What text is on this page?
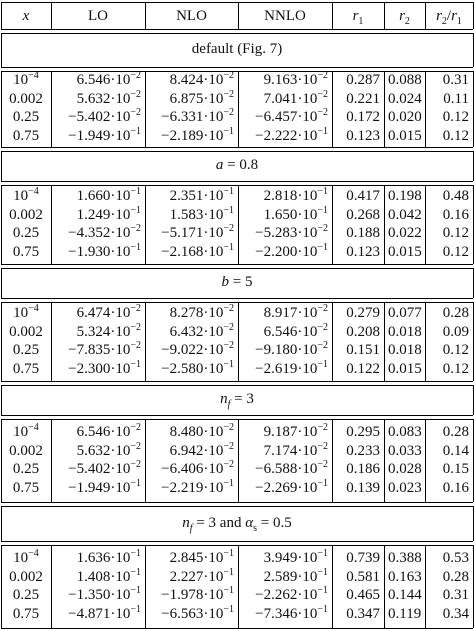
x	LO	NLO	NNLO	$r_1$	$r_2$	$r_2/r_1$
default (Fig. 7)
$10^{-4}$	$6.546\cdot 10^{-2}$	$8.424\cdot 10^{-2}$	$9.163\cdot 10^{-2}$	0.287 0.088	0.31
0.002	$5.632\cdot 10^{-2}$	$6.875\cdot 10^{-2}$	$7.041\cdot 10^{-2}$	0.221 0.024	0.11
0.25	$-5.402\cdot 10^{-2}$	$-6.331\cdot 10^{-2}$	$-6.457\cdot 10^{-2}$	0.172 0.020	0.12
0.75	$-1.949\cdot 10^{-1}$	$-2.189\cdot 10^{-1}$	$-2.222\cdot 10^{-1}$	0.123 0.015	0.12
a = 0.8
$10^{-4}$	$1.660\cdot 10^{-1}$	$2.351\cdot 10^{-1}$	$2.818\cdot 10^{-1}$	0.417 0.198	0.48
0.002	$1.249\cdot 10^{-1}$	$1.583\cdot 10^{-1}$	$1.650\cdot 10^{-1}$	0.268 0.042	0.16
0.25	$-4.352\cdot 10^{-2}$	$-5.171\cdot 10^{-2}$	$-5.283\cdot 10^{-2}$	0.188 0.022	0.12
0.75	$-1.930\cdot 10^{-1}$	$-2.168\cdot 10^{-1}$	$-2.200\cdot 10^{-1}$	0.123 0.015	0.12
b = 5
$10^{-4}$	$6.474\cdot 10^{-2}$	$8.278\cdot 10^{-2}$	$8.917\cdot 10^{-2}$	0.279 0.077	0.28
0.002	$5.324\cdot 10^{-2}$	$6.432\cdot 10^{-2}$	$6.546\cdot 10^{-2}$	0.208 0.018	0.09
0.25	$-7.835\cdot 10^{-2}$	$-9.022\cdot 10^{-2}$	$-9.180\cdot 10^{-2}$	0.151 0.018	0.12
0.75	$-2.300\cdot 10^{-1}$	$-2.580\cdot 10^{-1}$	$-2.619\cdot 10^{-1}$	0.122 0.015	0.12
$n_f = 3$
$10^{-4}$	$6.546\cdot 10^{-2}$	$8.480\cdot 10^{-2}$	$9.187\cdot 10^{-2}$	0.295 0.083	0.28
0.002	$5.632\cdot 10^{-2}$	$6.942\cdot 10^{-2}$	$7.174\cdot 10^{-2}$	0.233 0.033	0.14
0.25	$-5.402\cdot 10^{-2}$	$-6.406\cdot 10^{-2}$	$-6.588\cdot 10^{-2}$	0.186 0.028	0.15
0.75	$-1.949\cdot 10^{-1}$	$-2.219\cdot 10^{-1}$	$-2.269\cdot 10^{-1}$	0.139 0.023	0.16
$n_f = 3$ and $\alpha_s = 0.5$
$10^{-4}$	$1.636\cdot 10^{-1}$	$2.845\cdot 10^{-1}$	$3.949\cdot 10^{-1}$	0.739 0.388	0.53
0.002	$1.408\cdot 10^{-1}$	$2.227\cdot 10^{-1}$	$2.589\cdot 10^{-1}$	0.581 0.163	0.28
0.25	$-1.350\cdot 10^{-1}$	$-1.978\cdot 10^{-1}$	$-2.262\cdot 10^{-1}$	0.465 0.144	0.31
0.75	$-4.871\cdot 10^{-1}$	$-6.563\cdot 10^{-1}$	$-7.346\cdot 10^{-1}$	0.347 0.119	0.34
